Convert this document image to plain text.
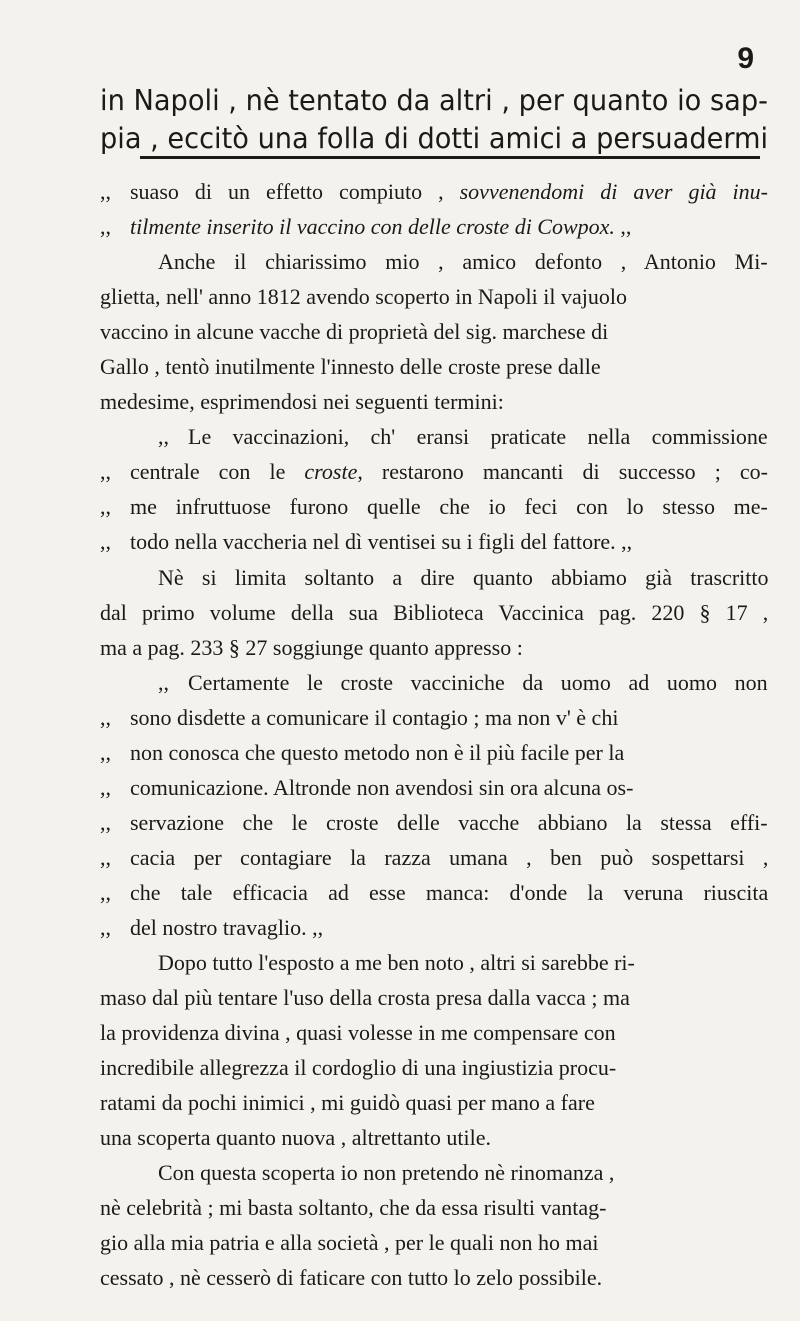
9
in Napoli , nè tentato da altri , per quanto io sap-
pia , eccitò una folla di dotti amici a persuadermi
,, suaso di un effetto compiuto , sovvenendomi di aver già inu-
,, tilmente inserito il vaccino con delle croste di Cowpox. ,,
Anche il chiarissimo mio , amico defonto , Antonio Mi-
glietta, nell' anno 1812 avendo scoperto in Napoli il vajuolo
vaccino in alcune vacche di proprietà del sig. marchese di
Gallo , tentò inutilmente l'innesto delle croste prese dalle
medesime, esprimendosi nei seguenti termini:
,, Le vaccinazioni, ch' eransi praticate nella commissione
,, centrale con le croste, restarono mancanti di successo ; co-
,, me infruttuose furono quelle che io feci con lo stesso me-
,, todo nella vaccheria nel dì ventisei su i figli del fattore. ,,
Nè si limita soltanto a dire quanto abbiamo già trascritto
dal primo volume della sua Biblioteca Vaccinica pag. 220 § 17 ,
ma a pag. 233 § 27 soggiunge quanto appresso :
,, Certamente le croste vacciniche da uomo ad uomo non
,, sono disdette a comunicare il contagio ; ma non v' è chi
,, non conosca che questo metodo non è il più facile per la
,, comunicazione. Altronde non avendosi sin ora alcuna os-
,, servazione che le croste delle vacche abbiano la stessa effi-
,, cacia per contagiare la razza umana , ben può sospettarsi ,
,, che tale efficacia ad esse manca: d'onde la veruna riuscita
,, del nostro travaglio. ,,
Dopo tutto l'esposto a me ben noto , altri si sarebbe ri-
maso dal più tentare l'uso della crosta presa dalla vacca ; ma
la providenza divina , quasi volesse in me compensare con
incredibile allegrezza il cordoglio di una ingiustizia procu-
ratami da pochi inimici , mi guidò quasi per mano a fare
una scoperta quanto nuova , altrettanto utile.
Con questa scoperta io non pretendo nè rinomanza ,
nè celebrità ; mi basta soltanto, che da essa risulti vantag-
gio alla mia patria e alla società , per le quali non ho mai
cessato , nè cesserò di faticare con tutto lo zelo possibile.
